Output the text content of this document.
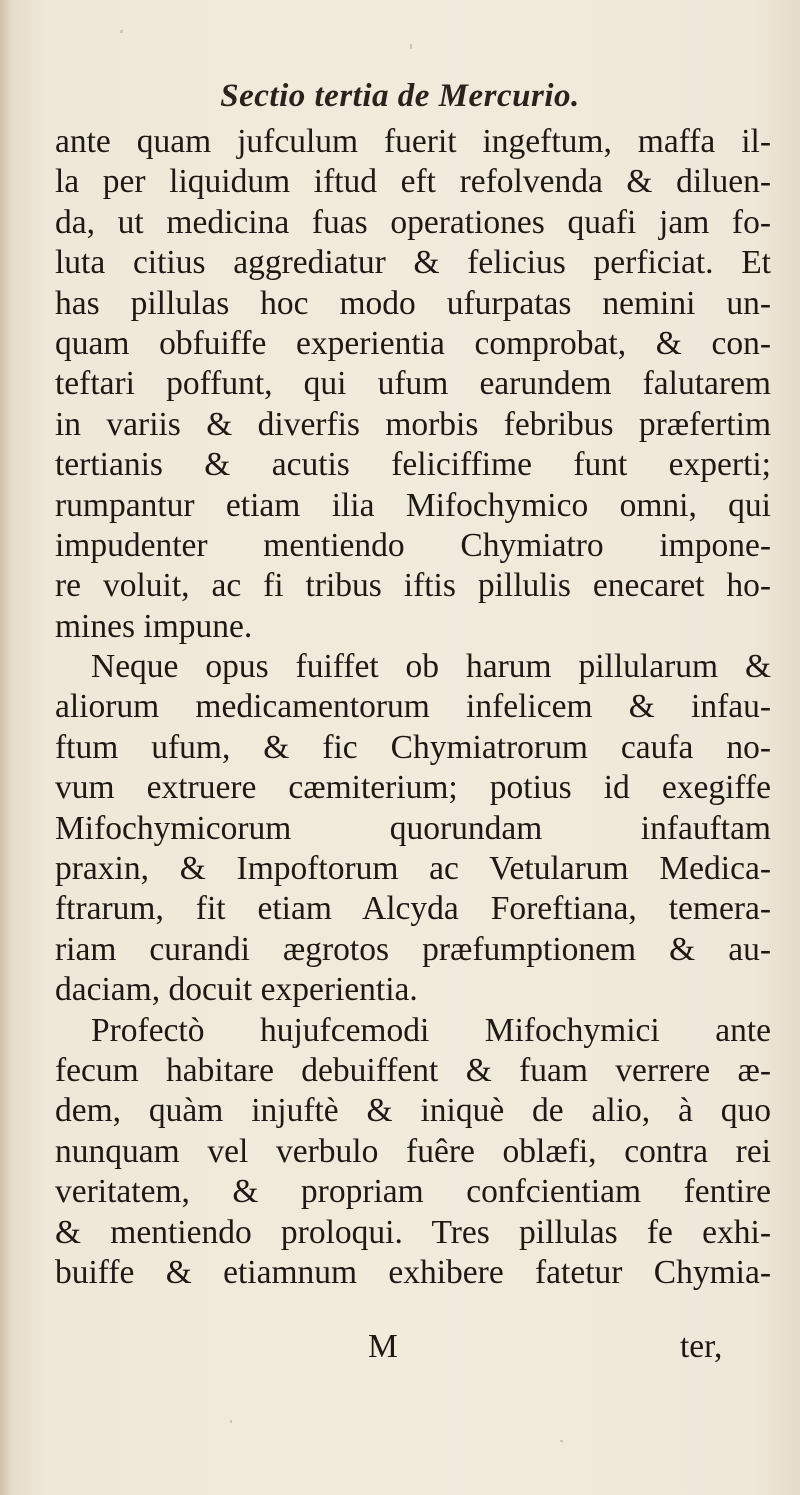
Sectio tertia de Mercurio.
ante quam jufculum fuerit ingeftum, maffa il-
la per liquidum iftud eft refolvenda & diluen-
da, ut medicina fuas operationes quafi jam fo-
luta citius aggrediatur & felicius perficiat. Et
has pillulas hoc modo ufurpatas nemini un-
quam obfuiffe experientia comprobat, & con-
teftari poffunt, qui ufum earundem falutarem
in variis & diverfis morbis febribus præfertim
tertianis & acutis feliciffime funt experti;
rumpantur etiam ilia Mifochymico omni, qui
impudenter mentiendo Chymiatro impone-
re voluit, ac fi tribus iftis pillulis enecaret ho-
mines impune.
Neque opus fuiffet ob harum pillularum &
aliorum medicamentorum infelicem & infau-
ftum ufum, & fic Chymiatrorum caufa no-
vum extruere cæmiterium; potius id exegiffe
Mifochymicorum quorundam infauftam
praxin, & Impoftorum ac Vetularum Medica-
ftrarum, fit etiam Alcyda Foreftiana, temera-
riam curandi ægrotos præfumptionem & au-
daciam, docuit experientia.
Profectò hujufcemodi Mifochymici ante
fecum habitare debuiffent & fuam verrere æ-
dem, quàm injuftè & iniquè de alio, à quo
nunquam vel verbulo fuêre oblæfi, contra rei
veritatem, & propriam confcientiam fentire
& mentiendo proloqui. Tres pillulas fe exhi-
buiffe & etiamnum exhibere fatetur Chymia-
M	ter,
